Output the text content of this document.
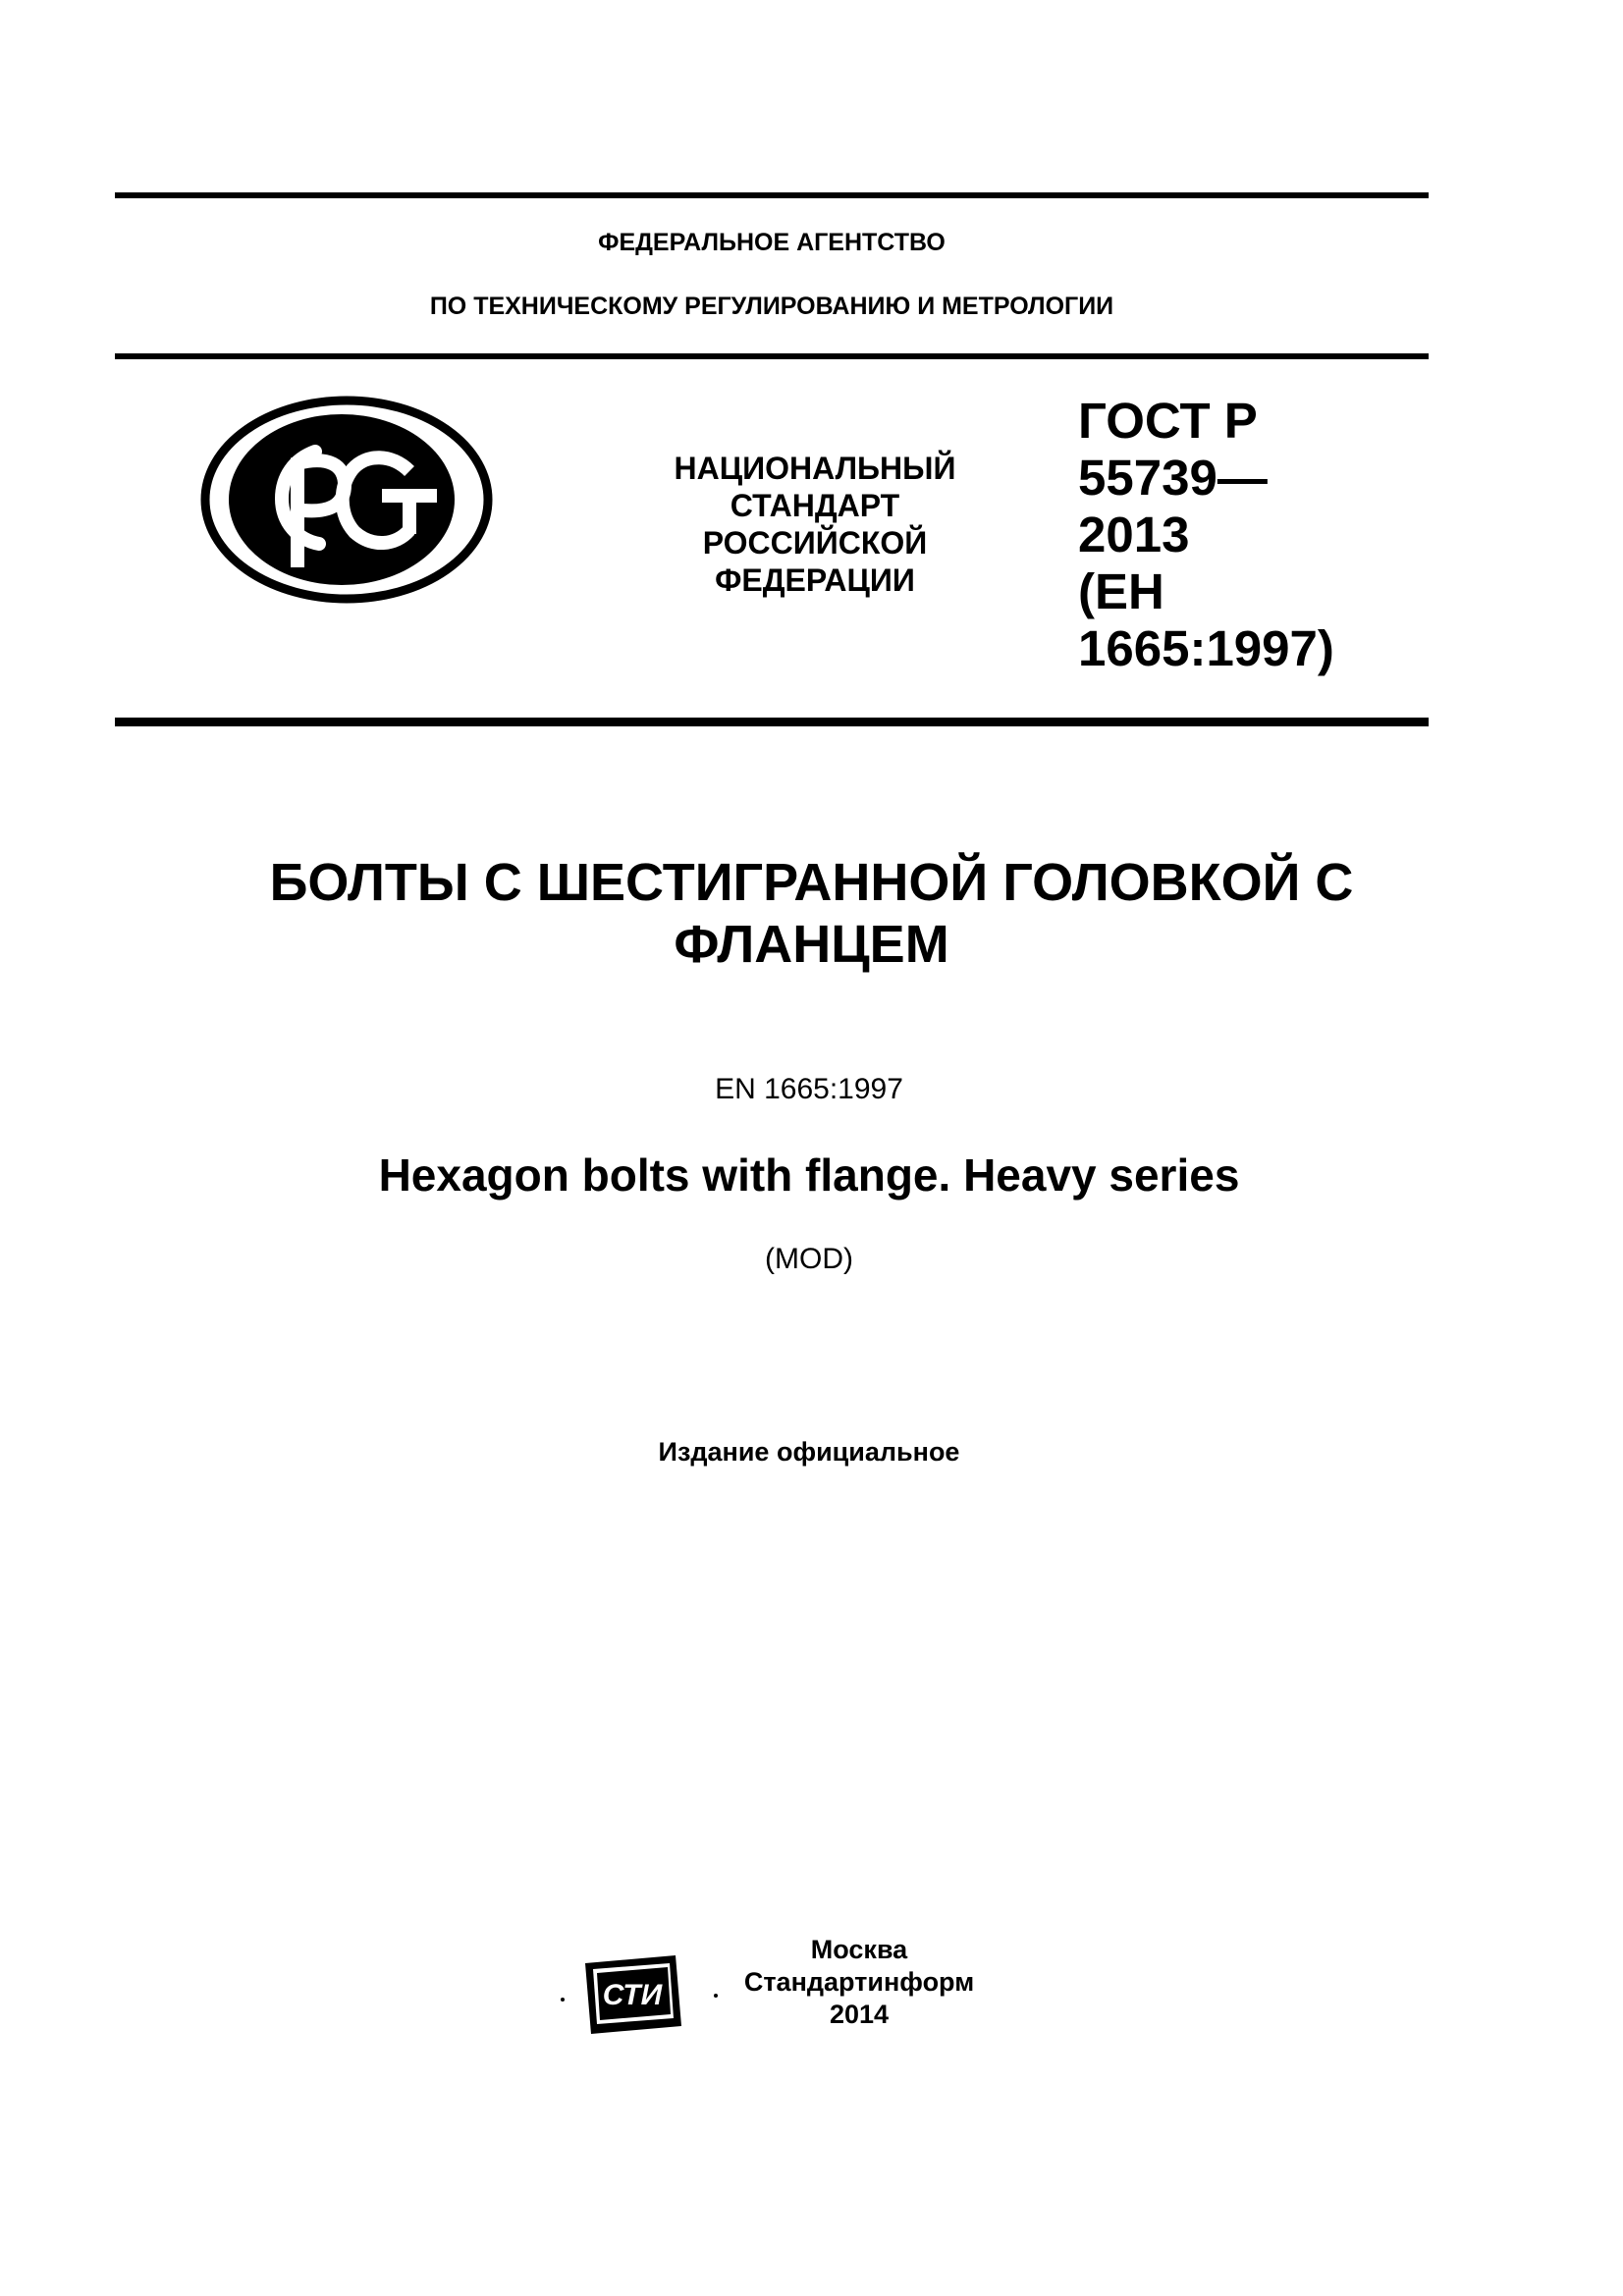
ФЕДЕРАЛЬНОЕ АГЕНТСТВО
ПО ТЕХНИЧЕСКОМУ РЕГУЛИРОВАНИЮ И МЕТРОЛОГИИ
НАЦИОНАЛЬНЫЙ
СТАНДАРТ
РОССИЙСКОЙ
ФЕДЕРАЦИИ
ГОСТ Р
55739—
2013
(ЕН
1665:1997)
БОЛТЫ С ШЕСТИГРАННОЙ ГОЛОВКОЙ С
ФЛАНЦЕМ
EN 1665:1997
Hexagon bolts with flange. Heavy series
(MOD)
Издание официальное
СТИ
Москва
Стандартинформ
2014
